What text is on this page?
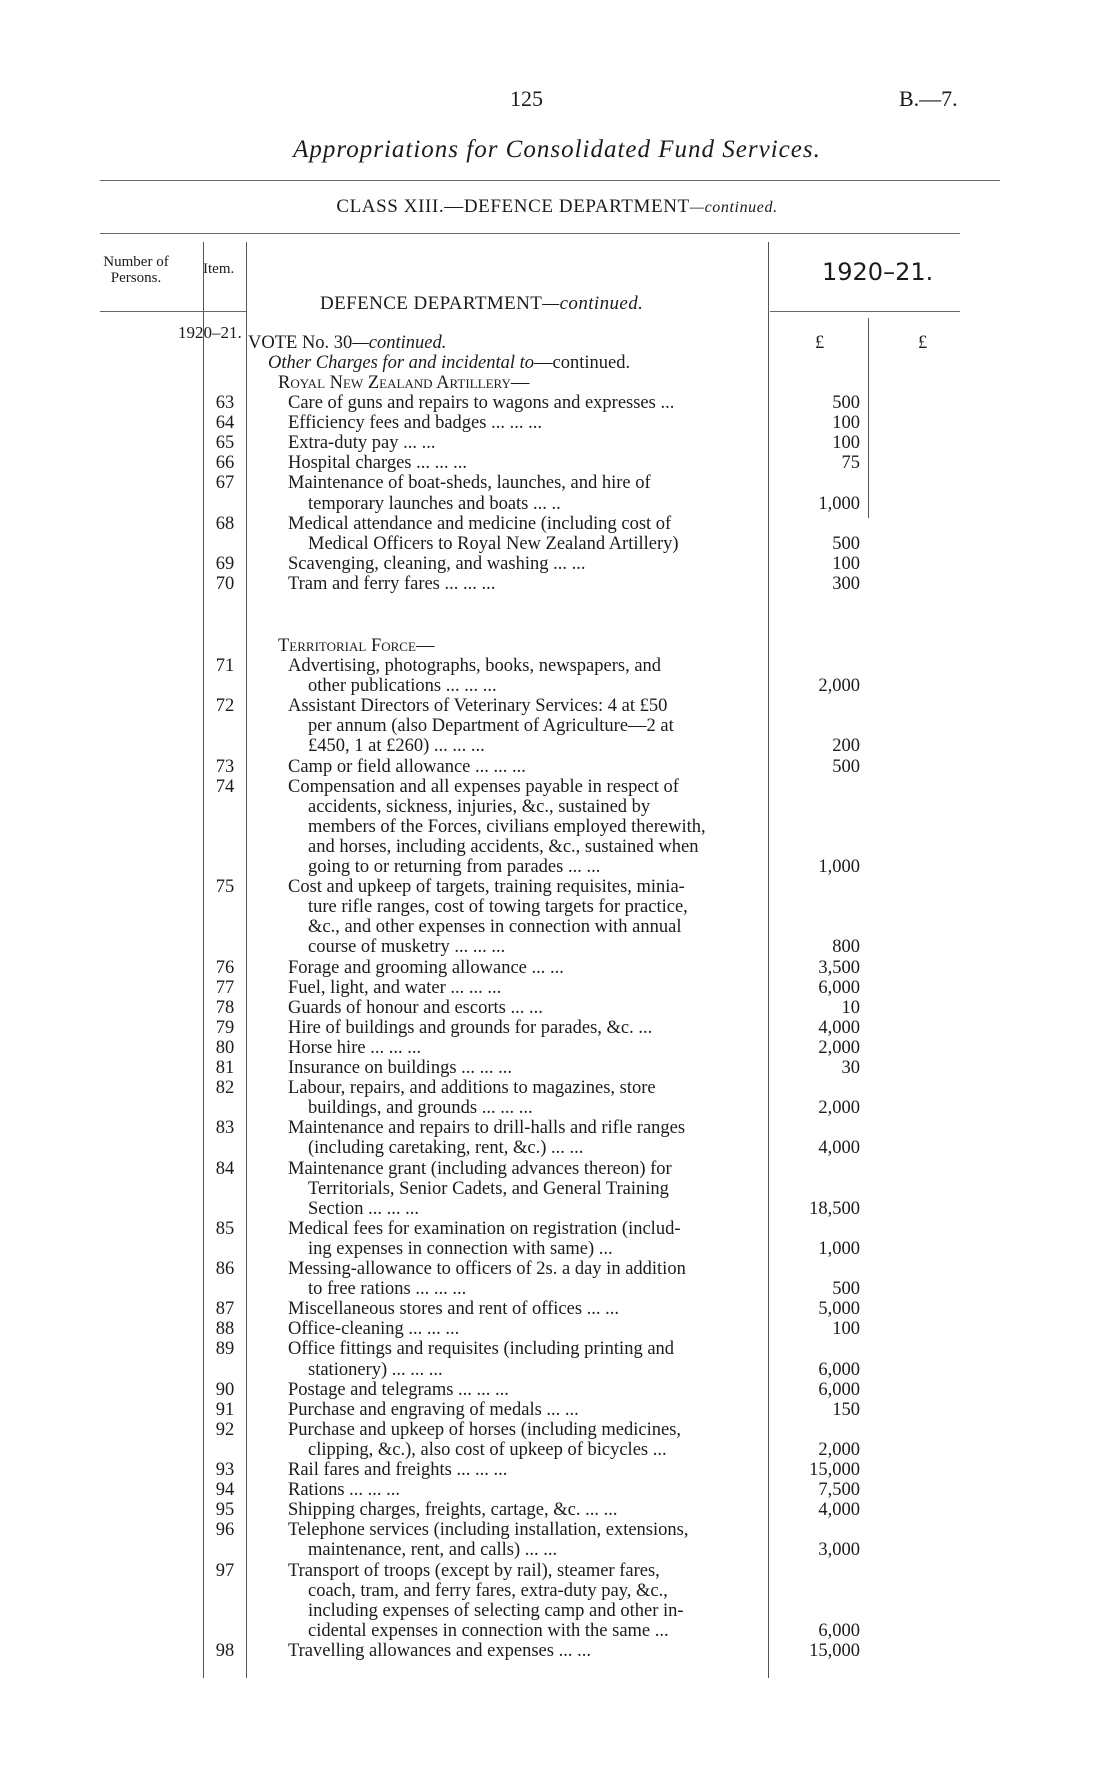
125	B.—7.
Appropriations for Consolidated Fund Services.
CLASS XIII.—DEFENCE DEPARTMENT—continued.
Number of Persons.
Item.
1920–21.
1920–21.
DEFENCE DEPARTMENT—continued.
£	£
VOTE No. 30—continued.
Other Charges for and incidental to—continued.
Royal New Zealand Artillery—
Territorial Force—
63	Care of guns and repairs to wagons and expresses ...	500
64	Efficiency fees and badges ... ... ...	100
65	Extra-duty pay ... ...	100
66	Hospital charges ... ... ...	75
67	Maintenance of boat-sheds, launches, and hire of
temporary launches and boats ... ..	1,000
68	Medical attendance and medicine (including cost of
Medical Officers to Royal New Zealand Artillery)	500
69	Scavenging, cleaning, and washing ... ...	100
70	Tram and ferry fares ... ... ...	300
71	Advertising, photographs, books, newspapers, and
other publications ... ... ...	2,000
72	Assistant Directors of Veterinary Services: 4 at £50
per annum (also Department of Agriculture—2 at
£450, 1 at £260) ... ... ...	200
73	Camp or field allowance ... ... ...	500
74	Compensation and all expenses payable in respect of
accidents, sickness, injuries, &c., sustained by
members of the Forces, civilians employed therewith,
and horses, including accidents, &c., sustained when
going to or returning from parades ... ...	1,000
75	Cost and upkeep of targets, training requisites, minia-
ture rifle ranges, cost of towing targets for practice,
&c., and other expenses in connection with annual
course of musketry ... ... ...	800
76	Forage and grooming allowance ... ...	3,500
77	Fuel, light, and water ... ... ...	6,000
78	Guards of honour and escorts ... ...	10
79	Hire of buildings and grounds for parades, &c. ...	4,000
80	Horse hire ... ... ...	2,000
81	Insurance on buildings ... ... ...	30
82	Labour, repairs, and additions to magazines, store
buildings, and grounds ... ... ...	2,000
83	Maintenance and repairs to drill-halls and rifle ranges
(including caretaking, rent, &c.) ... ...	4,000
84	Maintenance grant (including advances thereon) for
Territorials, Senior Cadets, and General Training
Section ... ... ...	18,500
85	Medical fees for examination on registration (includ-
ing expenses in connection with same) ...	1,000
86	Messing-allowance to officers of 2s. a day in addition
to free rations ... ... ...	500
87	Miscellaneous stores and rent of offices ... ...	5,000
88	Office-cleaning ... ... ...	100
89	Office fittings and requisites (including printing and
stationery) ... ... ...	6,000
90	Postage and telegrams ... ... ...	6,000
91	Purchase and engraving of medals ... ...	150
92	Purchase and upkeep of horses (including medicines,
clipping, &c.), also cost of upkeep of bicycles ...	2,000
93	Rail fares and freights ... ... ...	15,000
94	Rations ... ... ...	7,500
95	Shipping charges, freights, cartage, &c. ... ...	4,000
96	Telephone services (including installation, extensions,
maintenance, rent, and calls) ... ...	3,000
97	Transport of troops (except by rail), steamer fares,
coach, tram, and ferry fares, extra-duty pay, &c.,
including expenses of selecting camp and other in-
cidental expenses in connection with the same ...	6,000
98	Travelling allowances and expenses ... ...	15,000
